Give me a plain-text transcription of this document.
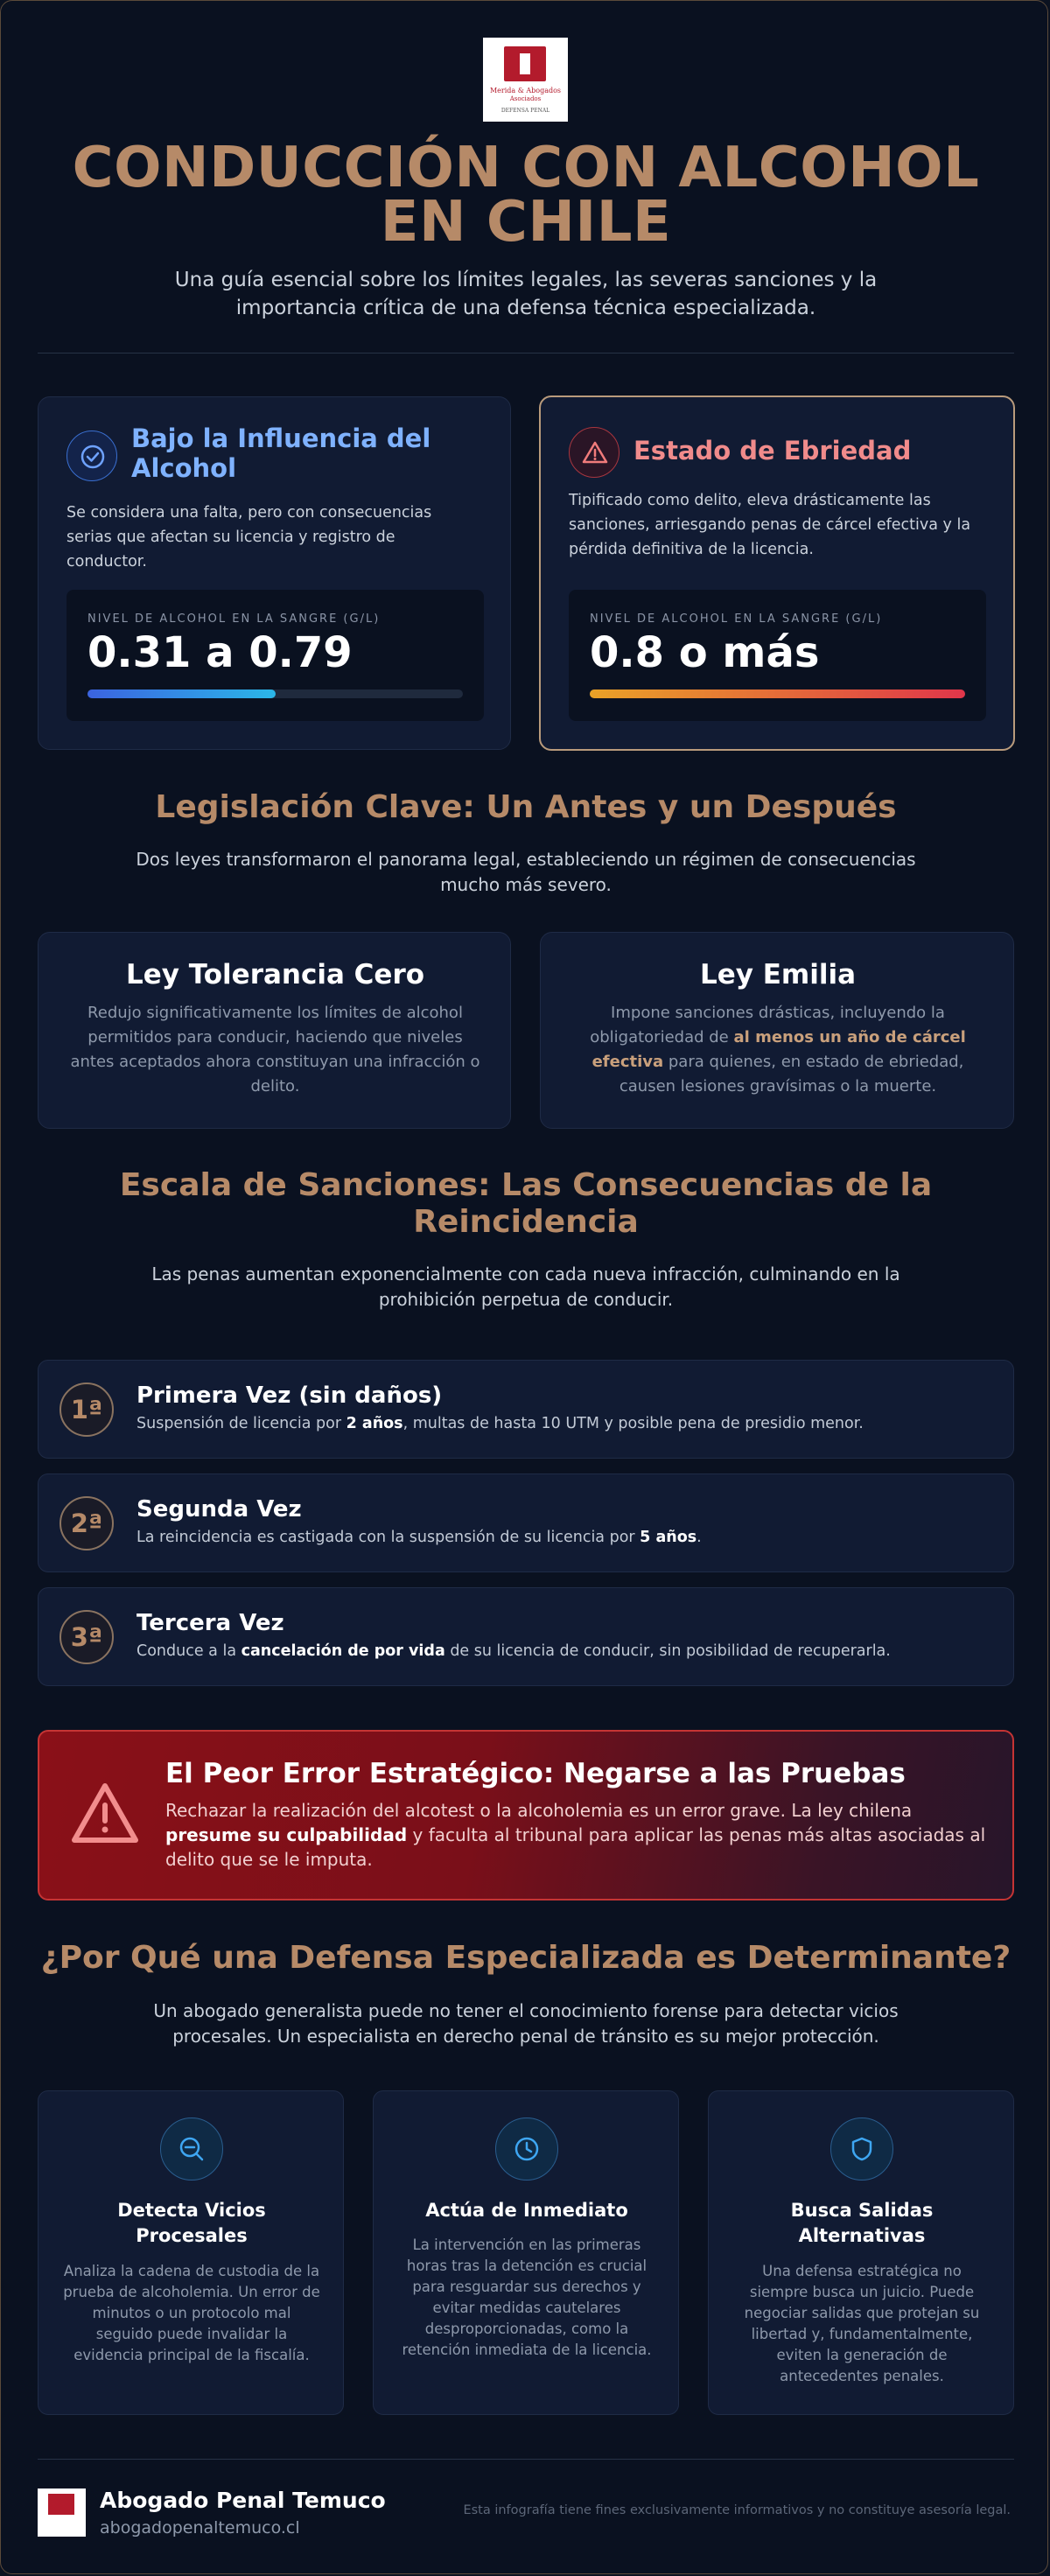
Merida & Abogados
Asociados
DEFENSA PENAL
CONDUCCIÓN CON ALCOHOL EN CHILE
Una guía esencial sobre los límites legales, las severas sanciones y la importancia crítica de una defensa técnica especializada.
Bajo la Influencia del Alcohol
Se considera una falta, pero con consecuencias serias que afectan su licencia y registro de conductor.
NIVEL DE ALCOHOL EN LA SANGRE (G/L)
0.31 a 0.79
Estado de Ebriedad
Tipificado como delito, eleva drásticamente las sanciones, arriesgando penas de cárcel efectiva y la pérdida definitiva de la licencia.
NIVEL DE ALCOHOL EN LA SANGRE (G/L)
0.8 o más
Legislación Clave: Un Antes y un Después
Dos leyes transformaron el panorama legal, estableciendo un régimen de consecuencias mucho más severo.
Ley Tolerancia Cero
Redujo significativamente los límites de alcohol permitidos para conducir, haciendo que niveles antes aceptados ahora constituyan una infracción o delito.
Ley Emilia
Impone sanciones drásticas, incluyendo la obligatoriedad de al menos un año de cárcel efectiva para quienes, en estado de ebriedad, causen lesiones gravísimas o la muerte.
Escala de Sanciones: Las Consecuencias de la Reincidencia
Las penas aumentan exponencialmente con cada nueva infracción, culminando en la prohibición perpetua de conducir.
1ª	Primera Vez (sin daños)
Suspensión de licencia por 2 años, multas de hasta 10 UTM y posible pena de presidio menor.
2ª	Segunda Vez
La reincidencia es castigada con la suspensión de su licencia por 5 años.
3ª	Tercera Vez
Conduce a la cancelación de por vida de su licencia de conducir, sin posibilidad de recuperarla.
El Peor Error Estratégico: Negarse a las Pruebas
Rechazar la realización del alcotest o la alcoholemia es un error grave. La ley chilena presume su culpabilidad y faculta al tribunal para aplicar las penas más altas asociadas al delito que se le imputa.
¿Por Qué una Defensa Especializada es Determinante?
Un abogado generalista puede no tener el conocimiento forense para detectar vicios procesales. Un especialista en derecho penal de tránsito es su mejor protección.
Detecta Vicios Procesales
Analiza la cadena de custodia de la prueba de alcoholemia. Un error de minutos o un protocolo mal seguido puede invalidar la evidencia principal de la fiscalía.
Actúa de Inmediato
La intervención en las primeras horas tras la detención es crucial para resguardar sus derechos y evitar medidas cautelares desproporcionadas, como la retención inmediata de la licencia.
Busca Salidas Alternativas
Una defensa estratégica no siempre busca un juicio. Puede negociar salidas que protejan su libertad y, fundamentalmente, eviten la generación de antecedentes penales.
Abogado Penal Temuco
abogadopenaltemuco.cl
Esta infografía tiene fines exclusivamente informativos y no constituye asesoría legal.
